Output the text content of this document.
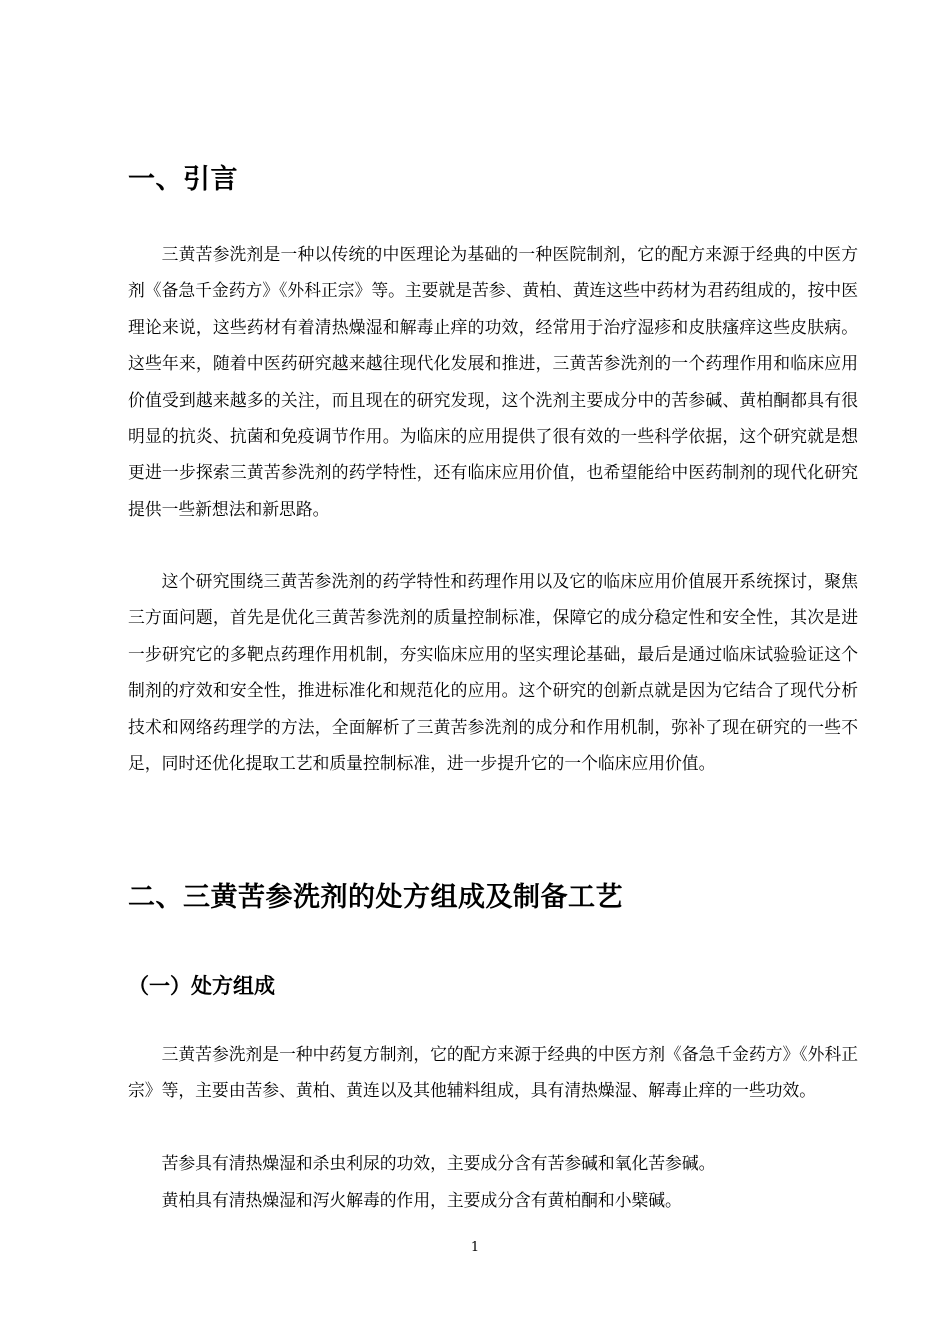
一、引言

三黄苦参洗剂是一种以传统的中医理论为基础的一种医院制剂，它的配方来源于经典的中医方剂《备急千金药方》《外科正宗》等。主要就是苦参、黄柏、黄连这些中药材为君药组成的，按中医理论来说，这些药材有着清热燥湿和解毒止痒的功效，经常用于治疗湿疹和皮肤瘙痒这些皮肤病。这些年来，随着中医药研究越来越往现代化发展和推进，三黄苦参洗剂的一个药理作用和临床应用价值受到越来越多的关注，而且现在的研究发现，这个洗剂主要成分中的苦参碱、黄柏酮都具有很明显的抗炎、抗菌和免疫调节作用。为临床的应用提供了很有效的一些科学依据，这个研究就是想更进一步探索三黄苦参洗剂的药学特性，还有临床应用价值，也希望能给中医药制剂的现代化研究提供一些新想法和新思路。

这个研究围绕三黄苦参洗剂的药学特性和药理作用以及它的临床应用价值展开系统探讨，聚焦三方面问题，首先是优化三黄苦参洗剂的质量控制标准，保障它的成分稳定性和安全性，其次是进一步研究它的多靶点药理作用机制，夯实临床应用的坚实理论基础，最后是通过临床试验验证这个制剂的疗效和安全性，推进标准化和规范化的应用。这个研究的创新点就是因为它结合了现代分析技术和网络药理学的方法，全面解析了三黄苦参洗剂的成分和作用机制，弥补了现在研究的一些不足，同时还优化提取工艺和质量控制标准，进一步提升它的一个临床应用价值。

二、三黄苦参洗剂的处方组成及制备工艺
（一）处方组成

三黄苦参洗剂是一种中药复方制剂，它的配方来源于经典的中医方剂《备急千金药方》《外科正宗》等，主要由苦参、黄柏、黄连以及其他辅料组成，具有清热燥湿、解毒止痒的一些功效。

苦参具有清热燥湿和杀虫利尿的功效，主要成分含有苦参碱和氧化苦参碱。

黄柏具有清热燥湿和泻火解毒的作用，主要成分含有黄柏酮和小檗碱。

1
